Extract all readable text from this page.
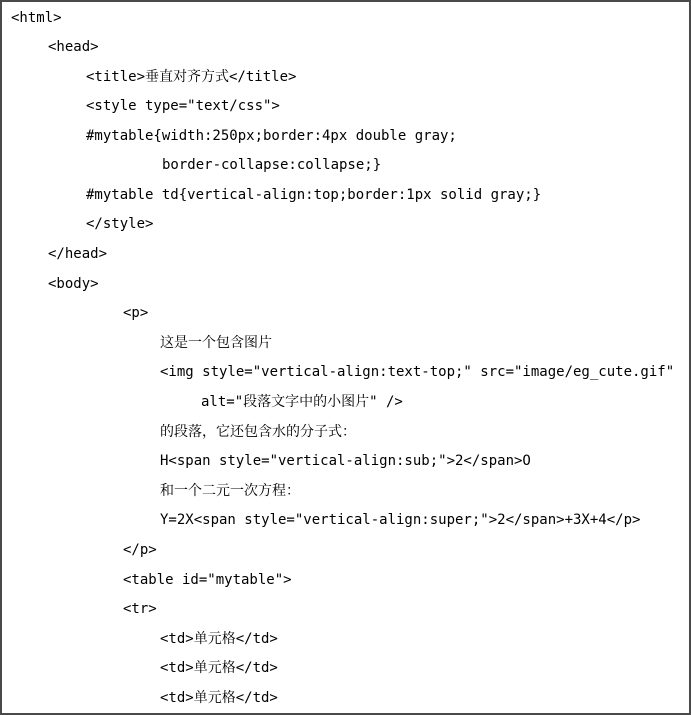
<html>
<head>
<title>垂直对齐方式</title>
<style type="text/css">
#mytable{width:250px;border:4px double gray;
border-collapse:collapse;}
#mytable td{vertical-align:top;border:1px solid gray;}
</style>
</head>
<body>
<p>
这是一个包含图片
<img style="vertical-align:text-top;" src="image/eg_cute.gif"
alt="段落文字中的小图片" />
的段落，它还包含水的分子式：
H<span style="vertical-align:sub;">2</span>O
和一个二元一次方程：
Y=2X<span style="vertical-align:super;">2</span>+3X+4</p>
</p>
<table id="mytable">
<tr>
<td>单元格</td>
<td>单元格</td>
<td>单元格</td>
